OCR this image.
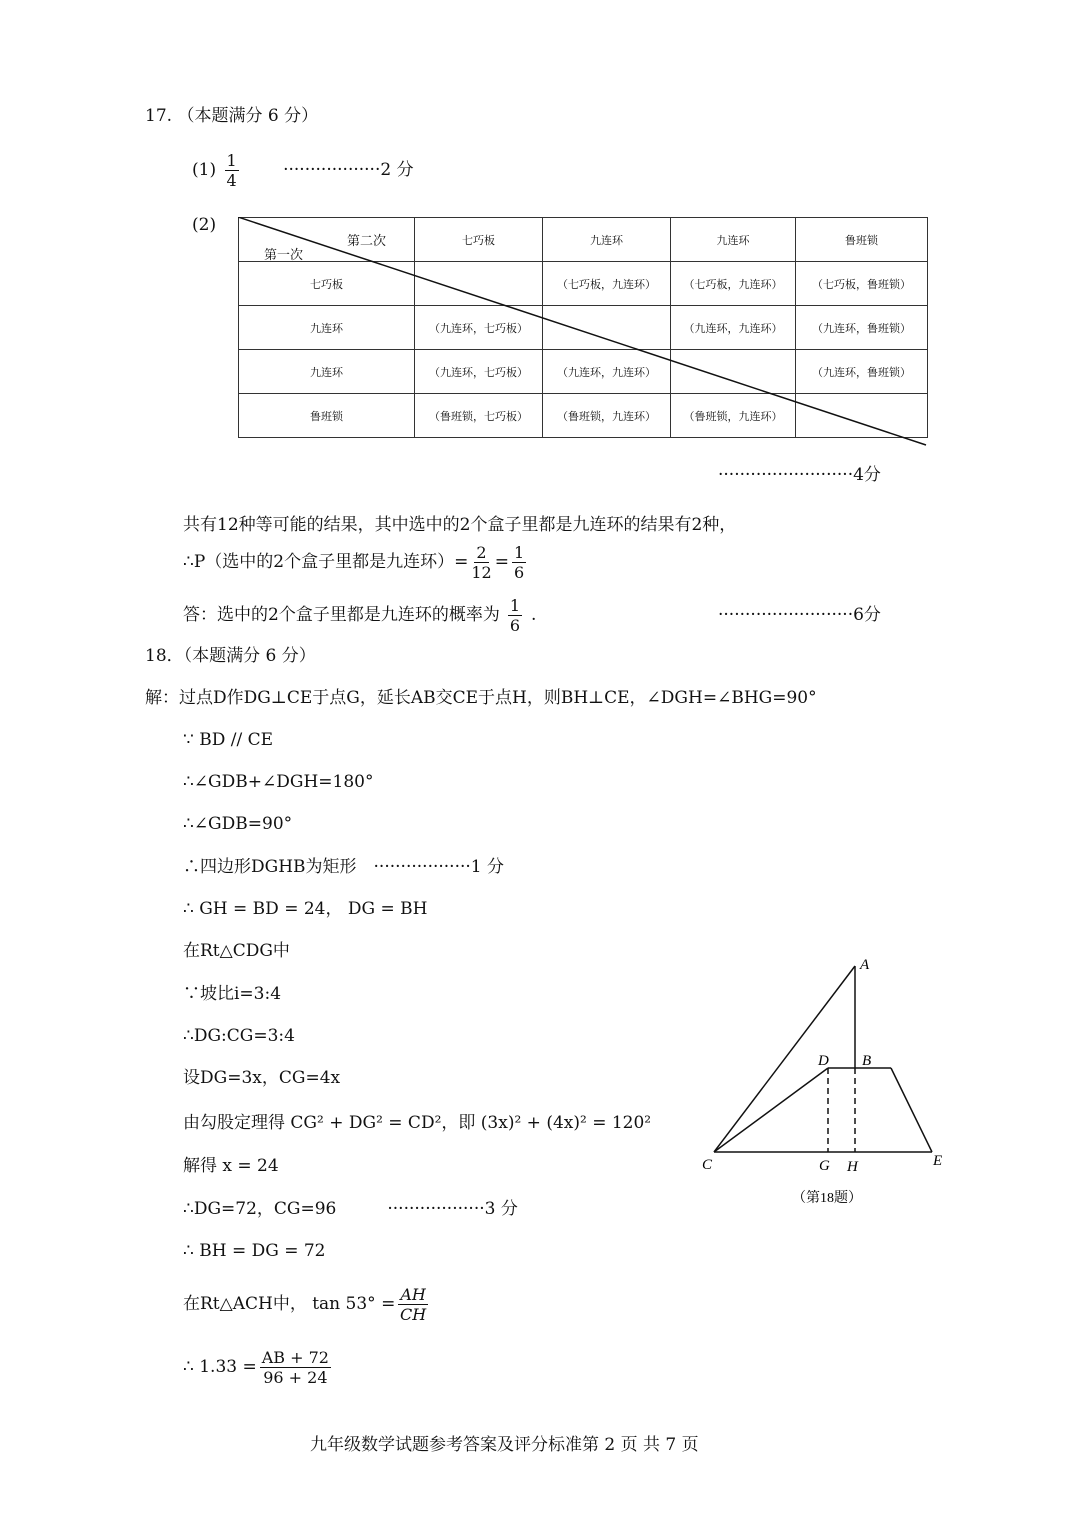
17. （本题满分 6 分）
$(1) \frac{1}{4}$	··················2 分
(2)
第二次
第一次	七巧板	九连环	九连环	鲁班锁
七巧板		（七巧板，九连环）	（七巧板，九连环）	（七巧板，鲁班锁）
九连环	（九连环，七巧板）		（九连环，九连环）	（九连环，鲁班锁）
九连环	（九连环，七巧板）	（九连环，九连环）		（九连环，鲁班锁）
鲁班锁	（鲁班锁，七巧板）	（鲁班锁，九连环）	（鲁班锁，九连环）	
·························4分
共有12种等可能的结果，其中选中的2个盒子里都是九连环的结果有2种，
∴P（选中的2个盒子里都是九连环）= $\frac{2}{12} = \frac{1}{6}$
答：选中的2个盒子里都是九连环的概率为 $\frac{1}{6}$ .	·························6分
18．（本题满分 6 分）
解：过点D作DG⊥CE于点G，延长AB交CE于点H，则BH⊥CE，∠DGH=∠BHG=90°
∵ BD // CE
∴∠GDB+∠DGH=180°
∴∠GDB=90°
∴四边形DGHB为矩形　··················1 分
∴ GH = BD = 24， DG = BH
在Rt△CDG中
∵坡比i=3:4
∴DG:CG=3:4
设DG=3x，CG=4x
由勾股定理得 CG² + DG² = CD²，即 (3x)² + (4x)² = 120²
解得 x = 24
∴DG=72，CG=96　　　··················3 分
∴ BH = DG = 72
在Rt△ACH中， $\tan 53^\circ = \frac{AH}{CH}$
∴ $1.33 = \frac{AB + 72}{96 + 24}$
A
D B
C	G H	E
（第18题）
九年级数学试题参考答案及评分标准第 2 页 共 7 页
